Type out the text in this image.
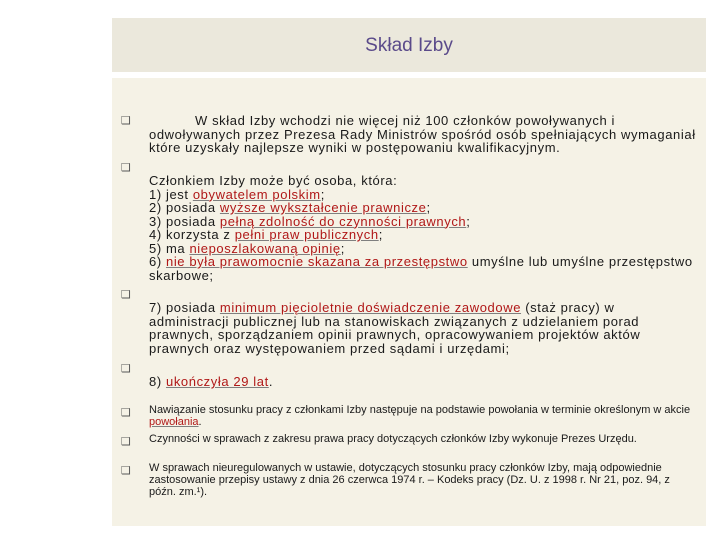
Skład Izby
❑	W skład Izby wchodzi nie więcej niż 100 członków powoływanych i odwoływanych przez Prezesa Rady Ministrów spośród osób spełniających wymaganiał które uzyskały najlepsze wyniki w postępowaniu kwalifikacyjnym.
❑
Członkiem Izby może być osoba, która:
1) jest obywatelem polskim;
2) posiada wyższe wykształcenie prawnicze;
3) posiada pełną zdolność do czynności prawnych;
4) korzysta z pełni praw publicznych;
5) ma nieposzlakowaną opinię;
6) nie była prawomocnie skazana za przestępstwo umyślne lub umyślne przestępstwo skarbowe;
❑
7) posiada minimum pięcioletnie doświadczenie zawodowe (staż pracy) w administracji publicznej lub na stanowiskach związanych z udzielaniem porad prawnych, sporządzaniem opinii prawnych, opracowywaniem projektów aktów prawnych oraz występowaniem przed sądami i urzędami;
❑
8) ukończyła 29 lat.
❑ Nawiązanie stosunku pracy z członkami Izby następuje na podstawie powołania w terminie określonym w akcie powołania.
❑ Czynności w sprawach z zakresu prawa pracy dotyczących członków Izby wykonuje Prezes Urzędu.
❑ W sprawach nieuregulowanych w ustawie, dotyczących stosunku pracy członków Izby, mają odpowiednie zastosowanie przepisy ustawy z dnia 26 czerwca 1974 r. – Kodeks pracy (Dz. U. z 1998 r. Nr 21, poz. 94, z późn. zm.¹).
